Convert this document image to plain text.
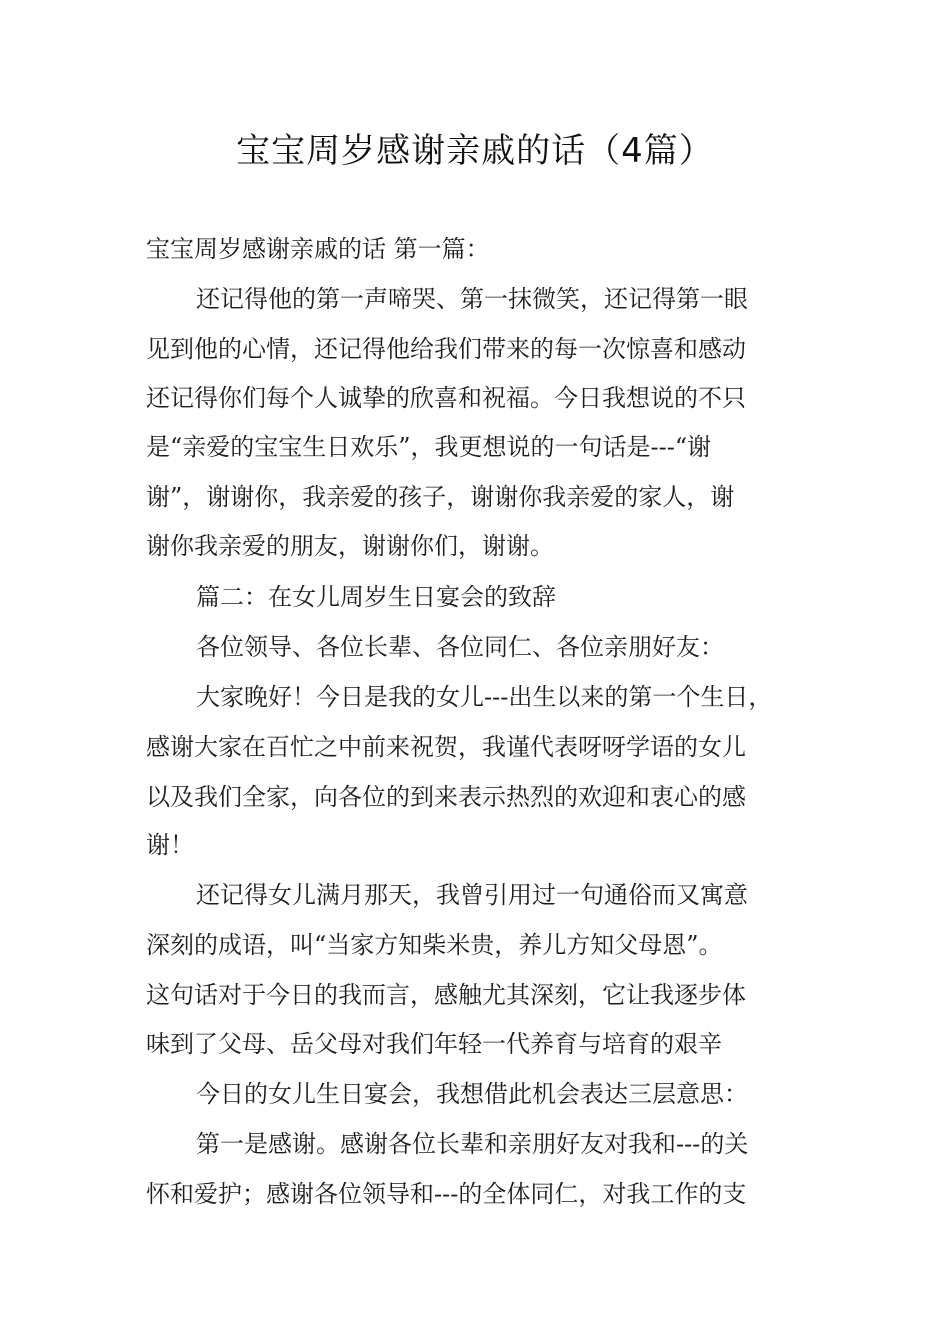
宝宝周岁感谢亲戚的话（4篇）
宝宝周岁感谢亲戚的话 第一篇：
还记得他的第一声啼哭、第一抹微笑，还记得第一眼
见到他的心情，还记得他给我们带来的每一次惊喜和感动
还记得你们每个人诚挚的欣喜和祝福。今日我想说的不只
是“亲爱的宝宝生日欢乐”，我更想说的一句话是---“谢
谢”，谢谢你，我亲爱的孩子，谢谢你我亲爱的家人，谢
谢你我亲爱的朋友，谢谢你们，谢谢。
篇二：在女儿周岁生日宴会的致辞
各位领导、各位长辈、各位同仁、各位亲朋好友：
大家晚好！今日是我的女儿---出生以来的第一个生日，
感谢大家在百忙之中前来祝贺，我谨代表呀呀学语的女儿
以及我们全家，向各位的到来表示热烈的欢迎和衷心的感
谢！
还记得女儿满月那天，我曾引用过一句通俗而又寓意
深刻的成语，叫“当家方知柴米贵，养儿方知父母恩”。
这句话对于今日的我而言，感触尤其深刻，它让我逐步体
味到了父母、岳父母对我们年轻一代养育与培育的艰辛
今日的女儿生日宴会，我想借此机会表达三层意思：
第一是感谢。感谢各位长辈和亲朋好友对我和---的关
怀和爱护；感谢各位领导和---的全体同仁，对我工作的支
